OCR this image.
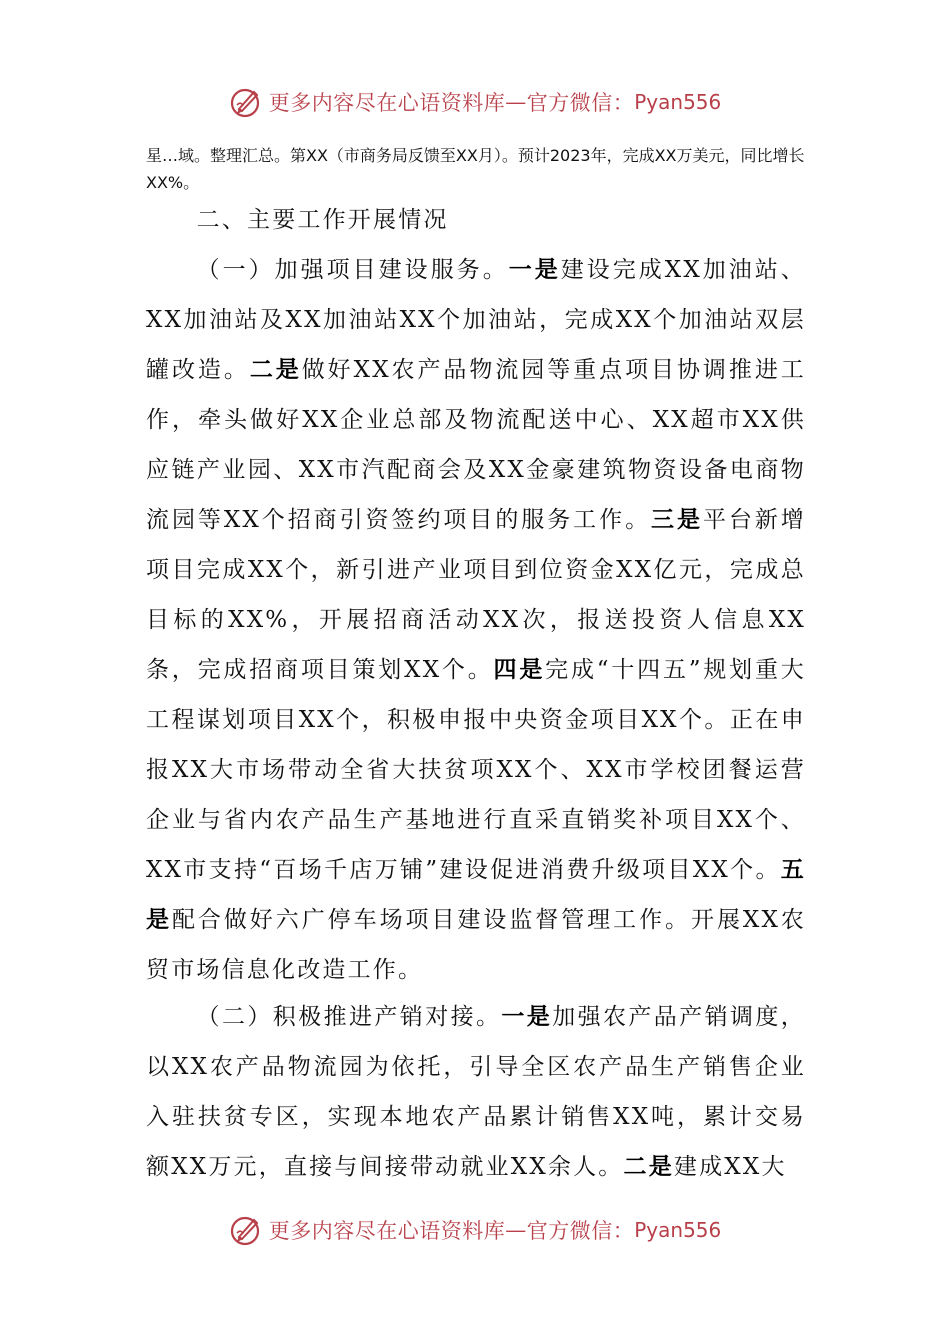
更多内容尽在心语资料库 — 官方微信： Pyan556

星…域。整理汇总。第XX（市商务局反馈至XX月）。预计2023年，完成XX万美元，同比增长XX%。

二、主要工作开展情况

（一）加强项目建设服务。一是建设完成XX加油站、XX加油站及XX加油站XX个加油站，完成XX个加油站双层罐改造。二是做好XX农产品物流园等重点项目协调推进工作，牵头做好XX企业总部及物流配送中心、XX超市XX供应链产业园、XX市汽配商会及XX金豪建筑物资设备电商物流园等XX个招商引资签约项目的服务工作。三是平台新增项目完成XX个，新引进产业项目到位资金XX亿元，完成总目标的XX%，开展招商活动XX次，报送投资人信息XX条，完成招商项目策划XX个。四是完成“十四五”规划重大工程谋划项目XX个，积极申报中央资金项目XX个。正在申报XX大市场带动全省大扶贫项XX个、XX市学校团餐运营企业与省内农产品生产基地进行直采直销奖补项目XX个、XX市支持“百场千店万铺”建设促进消费升级项目XX个。五是配合做好六广停车场项目建设监督管理工作。开展XX农贸市场信息化改造工作。

（二）积极推进产销对接。一是加强农产品产销调度，以XX农产品物流园为依托，引导全区农产品生产销售企业入驻扶贫专区，实现本地农产品累计销售XX吨，累计交易额XX万元，直接与间接带动就业XX余人。二是建成XX大

更多内容尽在心语资料库 — 官方微信： Pyan556
